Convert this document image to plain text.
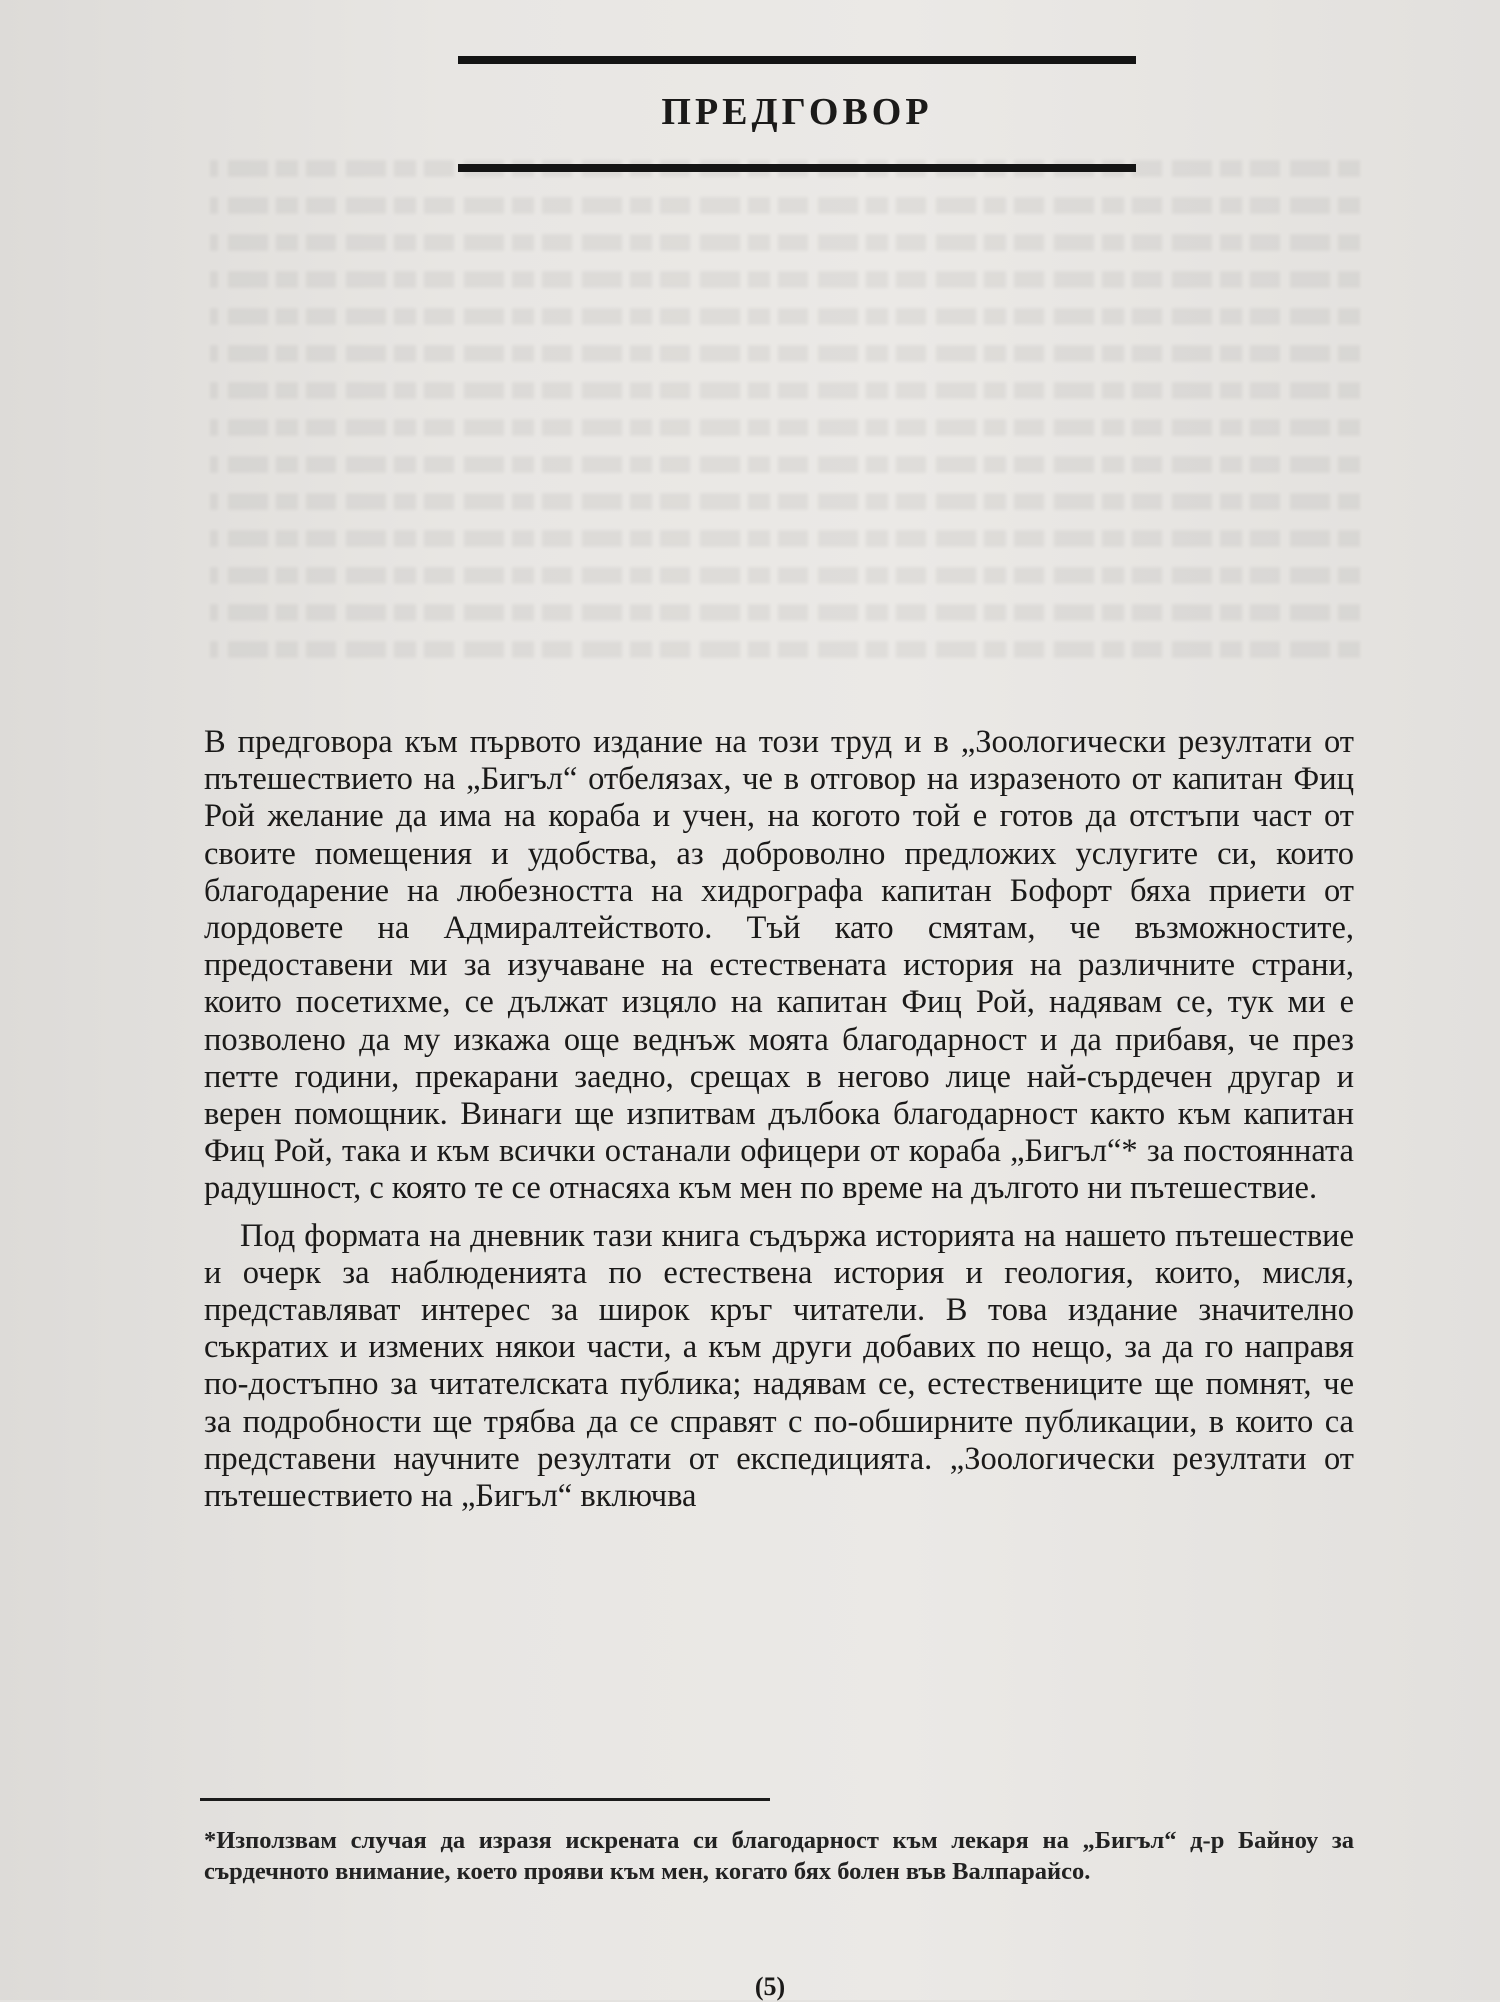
ПРЕДГОВОР

В предговора към първото издание на този труд и в „Зоологически резултати от пътешествието на „Бигъл“ отбелязах, че в отговор на изразеното от капитан Фиц Рой желание да има на кораба и учен, на когото той е готов да отстъпи част от своите помещения и удобства, аз доброволно предложих услугите си, които благодарение на любезността на хидрографа капитан Бофорт бяха приети от лордовете на Адмиралтейството. Тъй като смятам, че възможностите, предоставени ми за изучаване на естествената история на различните страни, които посетихме, се дължат изцяло на капитан Фиц Рой, надявам се, тук ми е позволено да му изкажа още веднъж моята благодарност и да прибавя, че през петте години, прекарани заедно, срещах в негово лице най-сърдечен другар и верен помощник. Винаги ще изпитвам дълбока благодарност както към капитан Фиц Рой, така и към всички останали офицери от кораба „Бигъл“* за постоянната радушност, с която те се отнасяха към мен по време на дългото ни пътешествие.

Под формата на дневник тази книга съдържа историята на нашето пътешествие и очерк за наблюденията по естествена история и геология, които, мисля, представляват интерес за широк кръг читатели. В това издание значително съкратих и измених някои части, а към други добавих по нещо, за да го направя по-достъпно за читателската публика; надявам се, естествениците ще помнят, че за подробности ще трябва да се справят с по-обширните публикации, в които са представени научните резултати от експедицията. „Зоологически резултати от пътешествието на „Бигъл“ включва

*Използвам случая да изразя искрената си благодарност към лекаря на „Бигъл“ д-р Байноу за сърдечното внимание, което прояви към мен, когато бях болен във Валпарайсо.
(5)
